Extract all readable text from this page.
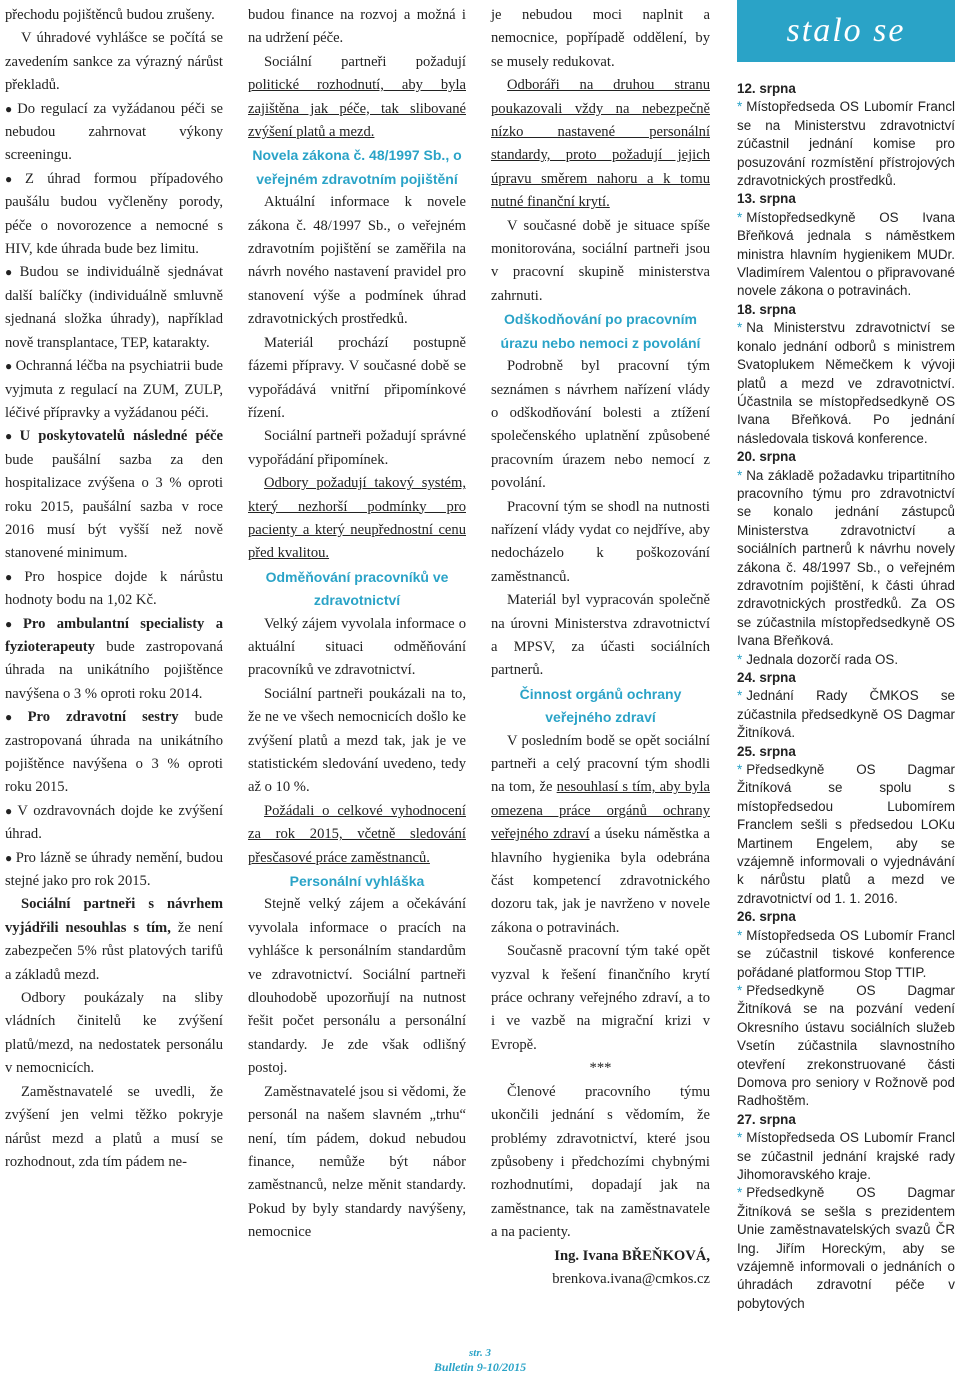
přechodu pojištěnců budou zrušeny.

V úhradové vyhlášce se počítá se zavedením sankce za výrazný nárůst překladů.

● Do regulací za vyžádanou péči se nebudou zahrnovat výkony screeningu.

● Z úhrad formou případového paušálu budou vyčleněny porody, péče o novorozence a nemocné s HIV, kde úhrada bude bez limitu.

● Budou se individuálně sjednávat další balíčky (individuálně smluvně sjednaná složka úhrady), například nově transplantace, TEP, katarakty.

● Ochranná léčba na psychiatrii bude vyjmuta z regulací na ZUM, ZULP, léčivé přípravky a vyžádanou péči.

● U poskytovatelů následné péče bude paušální sazba za den hospitalizace zvýšena o 3 % oproti roku 2015, paušální sazba v roce 2016 musí být vyšší než nově stanovené minimum.

● Pro hospice dojde k nárůstu hodnoty bodu na 1,02 Kč.

● Pro ambulantní specialisty a fyzioterapeuty bude zastropovaná úhrada na unikátního pojištěnce navýšena o 3 % oproti roku 2014.

● Pro zdravotní sestry bude zastropovaná úhrada na unikátního pojištěnce navýšena o 3 % oproti roku 2015.

● V ozdravovnách dojde ke zvýšení úhrad.

● Pro lázně se úhrady nemění, budou stejné jako pro rok 2015.

Sociální partneři s návrhem vyjádřili nesouhlas s tím, že není zabezpečen 5% růst platových tarifů a základů mezd.

Odbory poukázaly na sliby vládních činitelů ke zvýšení platů/mezd, na nedostatek personálu v nemocnicích.

Zaměstnavatelé se uvedli, že zvýšení jen velmi těžko pokryje nárůst mezd a platů a musí se rozhodnout, zda tím pádem ne-

budou finance na rozvoj a možná i na udržení péče.

Sociální partneři požadují politické rozhodnutí, aby byla zajištěna jak péče, tak slibované zvýšení platů a mezd.

Novela zákona č. 48/1997 Sb., o veřejném zdravotním pojištění

Aktuální informace k novele zákona č. 48/1997 Sb., o veřejném zdravotním pojištění se zaměřila na návrh nového nastavení pravidel pro stanovení výše a podmínek úhrad zdravotnických prostředků.

Materiál prochází postupně fázemi přípravy. V současné době se vypořádává vnitřní připomínkové řízení.

Sociální partneři požadují správné vypořádání připomínek.

Odbory požadují takový systém, který nezhorší podmínky pro pacienty a který neupřednostní cenu před kvalitou.

Odměňování pracovníků ve zdravotnictví

Velký zájem vyvolala informace o aktuální situaci odměňování pracovníků ve zdravotnictví.

Sociální partneři poukázali na to, že ne ve všech nemocnicích došlo ke zvýšení platů a mezd tak, jak je ve statistickém sledování uvedeno, tedy až o 10 %.

Požádali o celkové vyhodnocení za rok 2015, včetně sledování přesčasové práce zaměstnanců.

Personální vyhláška

Stejně velký zájem a očekávání vyvolala informace o pracích na vyhlášce k personálním standardům ve zdravotnictví. Sociální partneři dlouhodobě upozorňují na nutnost řešit počet personálu a personální standardy. Je zde však odlišný postoj.

Zaměstnavatelé jsou si vědomi, že personál na našem slavném „trhu“ není, tím pádem, dokud nebudou finance, nemůže být nábor zaměstnanců, nelze měnit standardy. Pokud by byly standardy navýšeny, nemocnice

je nebudou moci naplnit a nemocnice, popřípadě oddělení, by se musely redukovat.

Odboráři na druhou stranu poukazovali vždy na nebezpečně nízko nastavené personální standardy, proto požadují jejich úpravu směrem nahoru a k tomu nutné finanční krytí.

V současné době je situace spíše monitorována, sociální partneři jsou v pracovní skupině ministerstva zahrnuti.

Odškodňování po pracovním úrazu nebo nemoci z povolání

Podrobně byl pracovní tým seznámen s návrhem nařízení vlády o odškodňování bolesti a ztížení společenského uplatnění způsobené pracovním úrazem nebo nemocí z povolání.

Pracovní tým se shodl na nutnosti nařízení vlády vydat co nejdříve, aby nedocházelo k poškozování zaměstnanců.

Materiál byl vypracován společně na úrovni Ministerstva zdravotnictví a MPSV, za účasti sociálních partnerů.

Činnost orgánů ochrany veřejného zdraví

V posledním bodě se opět sociální partneři a celý pracovní tým shodli na tom, že nesouhlasí s tím, aby byla omezena práce orgánů ochrany veřejného zdraví a úseku náměstka a hlavního hygienika byla odebrána část kompetencí zdravotnického dozoru tak, jak je navrženo v novele zákona o potravinách.

Současně pracovní tým také opět vyzval k řešení finančního krytí práce ochrany veřejného zdraví, a to i ve vazbě na migrační krizi v Evropě.

***

Členové pracovního týmu ukončili jednání s vědomím, že problémy zdravotnictví, které jsou způsobeny i předchozími chybnými rozhodnutími, dopadají jak na zaměstnance, tak na zaměstnavatele a na pacienty.

Ing. Ivana BŘEŇKOVÁ,

brenkova.ivana@cmkos.cz

stalo se

12. srpna

* Místopředseda OS Lubomír Francl se na Ministerstvu zdravotnictví zúčastnil jednání komise pro posuzování rozmístění přístrojových zdravotnických prostředků.

13. srpna

* Místopředsedkyně OS Ivana Břeňková jednala s náměstkem ministra hlavním hygienikem MUDr. Vladimírem Valentou o připravované novele zákona o potravinách.

18. srpna

* Na Ministerstvu zdravotnictví se konalo jednání odborů s ministrem Svatoplukem Němečkem k vývoji platů a mezd ve zdravotnictví. Účastnila se místopředsedkyně OS Ivana Břeňková. Po jednání následovala tisková konference.

20. srpna

* Na základě požadavku tripartitního pracovního týmu pro zdravotnictví se konalo jednání zástupců Ministerstva zdravotnictví a sociálních partnerů k návrhu novely zákona č. 48/1997 Sb., o veřejném zdravotním pojištění, k části úhrad zdravotnických prostředků. Za OS se zúčastnila místopředsedkyně OS Ivana Břeňková.

* Jednala dozorčí rada OS.

24. srpna

* Jednání Rady ČMKOS se zúčastnila předsedkyně OS Dagmar Žitníková.

25. srpna

* Předsedkyně OS Dagmar Žitníková se spolu s místopředsedou Lubomírem Franclem sešli s předsedou LOKu Martinem Engelem, aby se vzájemně informovali o vyjednávání k nárůstu platů a mezd ve zdravotnictví od 1. 1. 2016.

26. srpna

* Místopředseda OS Lubomír Francl se zúčastnil tiskové konference pořádané platformou Stop TTIP.

* Předsedkyně OS Dagmar Žitníková se na pozvání vedení Okresního ústavu sociálních služeb Vsetín zúčastnila slavnostního otevření zrekonstruované části Domova pro seniory v Rožnově pod Radhoštěm.

27. srpna

* Místopředseda OS Lubomír Francl se zúčastnil jednání krajské rady Jihomoravského kraje.

* Předsedkyně OS Dagmar Žitníková se sešla s prezidentem Unie zaměstnavatelských svazů ČR Ing. Jiřím Horeckým, aby se vzájemně informovali o jednáních o úhradách zdravotní péče v pobytových

str. 3
Bulletin 9-10/2015
